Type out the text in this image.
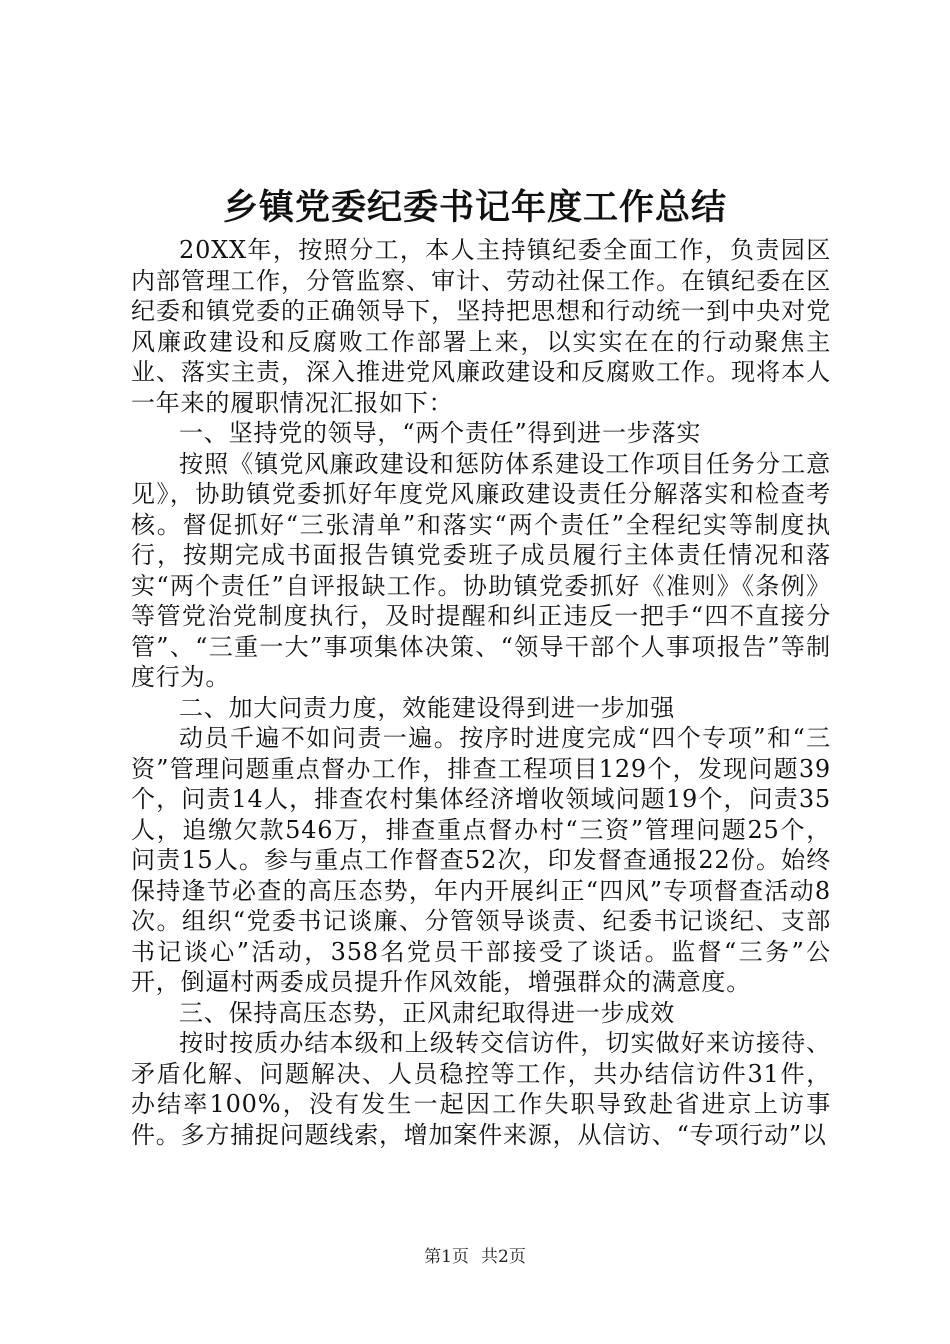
乡镇党委纪委书记年度工作总结

20XX年，按照分工，本人主持镇纪委全面工作，负责园区内部管理工作，分管监察、审计、劳动社保工作。在镇纪委在区纪委和镇党委的正确领导下，坚持把思想和行动统一到中央对党风廉政建设和反腐败工作部署上来，以实实在在的行动聚焦主业、落实主责，深入推进党风廉政建设和反腐败工作。现将本人一年来的履职情况汇报如下：

一、坚持党的领导，“两个责任”得到进一步落实

按照《镇党风廉政建设和惩防体系建设工作项目任务分工意见》，协助镇党委抓好年度党风廉政建设责任分解落实和检查考核。督促抓好“三张清单”和落实“两个责任”全程纪实等制度执行，按期完成书面报告镇党委班子成员履行主体责任情况和落实“两个责任”自评报缺工作。协助镇党委抓好《准则》《条例》等管党治党制度执行，及时提醒和纠正违反一把手“四不直接分管”、“三重一大”事项集体决策、“领导干部个人事项报告”等制度行为。

二、加大问责力度，效能建设得到进一步加强

动员千遍不如问责一遍。按序时进度完成“四个专项”和“三资”管理问题重点督办工作，排查工程项目129个，发现问题39个，问责14人，排查农村集体经济增收领域问题19个，问责35人，追缴欠款546万，排查重点督办村“三资”管理问题25个，问责15人。参与重点工作督查52次，印发督查通报22份。始终保持逢节必查的高压态势，年内开展纠正“四风”专项督查活动8次。组织“党委书记谈廉、分管领导谈责、纪委书记谈纪、支部书记谈心”活动，358名党员干部接受了谈话。监督“三务”公开，倒逼村两委成员提升作风效能，增强群众的满意度。

三、保持高压态势，正风肃纪取得进一步成效

按时按质办结本级和上级转交信访件，切实做好来访接待、矛盾化解、问题解决、人员稳控等工作，共办结信访件31件，办结率100%，没有发生一起因工作失职导致赴省进京上访事件。多方捕捉问题线索，增加案件来源，从信访、“专项行动”以

第1页 共2页
